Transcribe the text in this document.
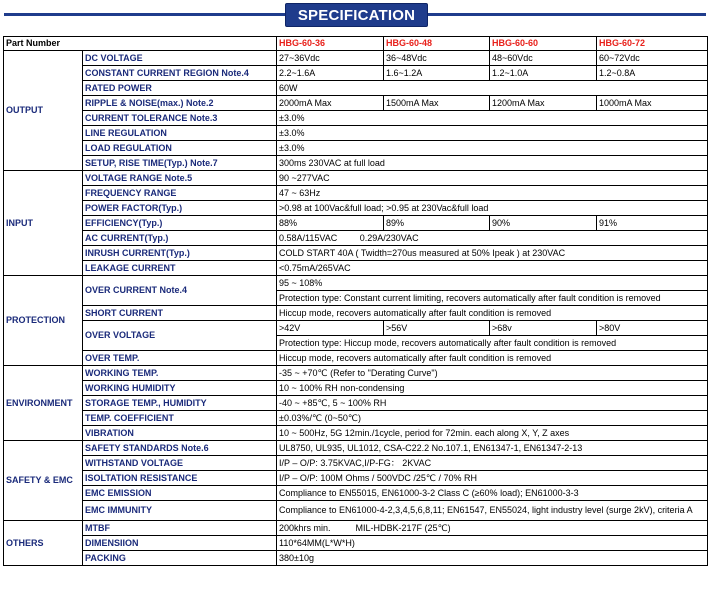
SPECIFICATION
Part Number		HBG-60-36	HBG-60-48	HBG-60-60	HBG-60-72
OUTPUT	DC VOLTAGE	27~36Vdc	36~48Vdc	48~60Vdc	60~72Vdc
	CONSTANT CURRENT REGION Note.4	2.2~1.6A	1.6~1.2A	1.2~1.0A	1.2~0.8A
	RATED POWER	60W			
	RIPPLE & NOISE(max.) Note.2	2000mA Max	1500mA Max	1200mA Max	1000mA Max
	CURRENT TOLERANCE Note.3	±3.0%			
	LINE REGULATION	±3.0%			
	LOAD REGULATION	±3.0%			
	SETUP, RISE TIME(Typ.) Note.7	300ms 230VAC at full load			
INPUT	VOLTAGE RANGE Note.5	90 ~277VAC			
	FREQUENCY RANGE	47 ~ 63Hz			
	POWER FACTOR(Typ.)	>0.98 at 100Vac&full load; >0.95 at 230Vac&full load			
	EFFICIENCY(Typ.)	88%	89%	90%	91%
	AC CURRENT(Typ.)	0.58A/115VAC         0.29A/230VAC			
	INRUSH CURRENT(Typ.)	COLD START 40A ( Twidth=270us measured at 50% Ipeak ) at 230VAC			
	LEAKAGE CURRENT	<0.75mA/265VAC			
PROTECTION	OVER CURRENT Note.4	95 ~ 108%			
		Protection type: Constant current limiting, recovers automatically after fault condition is removed			
	SHORT CURRENT	Hiccup mode, recovers automatically after fault condition is removed			
	OVER VOLTAGE	>42V	>56V	>68v	>80V
		Protection type: Hiccup mode, recovers automatically after fault condition is removed			
	OVER TEMP.	Hiccup mode, recovers automatically after fault condition is removed			
ENVIRONMENT	WORKING TEMP.	-35 ~ +70℃ (Refer to "Derating Curve")			
	WORKING HUMIDITY	10 ~ 100% RH non-condensing			
	STORAGE TEMP., HUMIDITY	-40 ~ +85℃, 5 ~ 100% RH			
	TEMP. COEFFICIENT	±0.03%/℃ (0~50℃)			
	VIBRATION	10 ~ 500Hz, 5G 12min./1cycle, period for 72min. each along X, Y, Z axes			
SAFETY & EMC	SAFETY STANDARDS Note.6	UL8750, UL935, UL1012, CSA-C22.2 No.107.1, EN61347-1, EN61347-2-13			
	WITHSTAND VOLTAGE	I/P – O/P: 3.75KVAC,I/P-FG： 2KVAC			
	ISOLTATION RESISTANCE	I/P – O/P: 100M Ohms / 500VDC /25℃ / 70% RH			
	EMC EMISSION	Compliance to EN55015, EN61000-3-2 Class C (≥60% load); EN61000-3-3			
	EMC IMMUNITY	Compliance to EN61000-4-2,3,4,5,6,8,11; EN61547, EN55024, light industry level (surge 2kV), criteria A			
OTHERS	MTBF	200khrs min.          MIL-HDBK-217F (25℃)			
	DIMENSIION	110*64MM(L*W*H)			
	PACKING	380±10g			
